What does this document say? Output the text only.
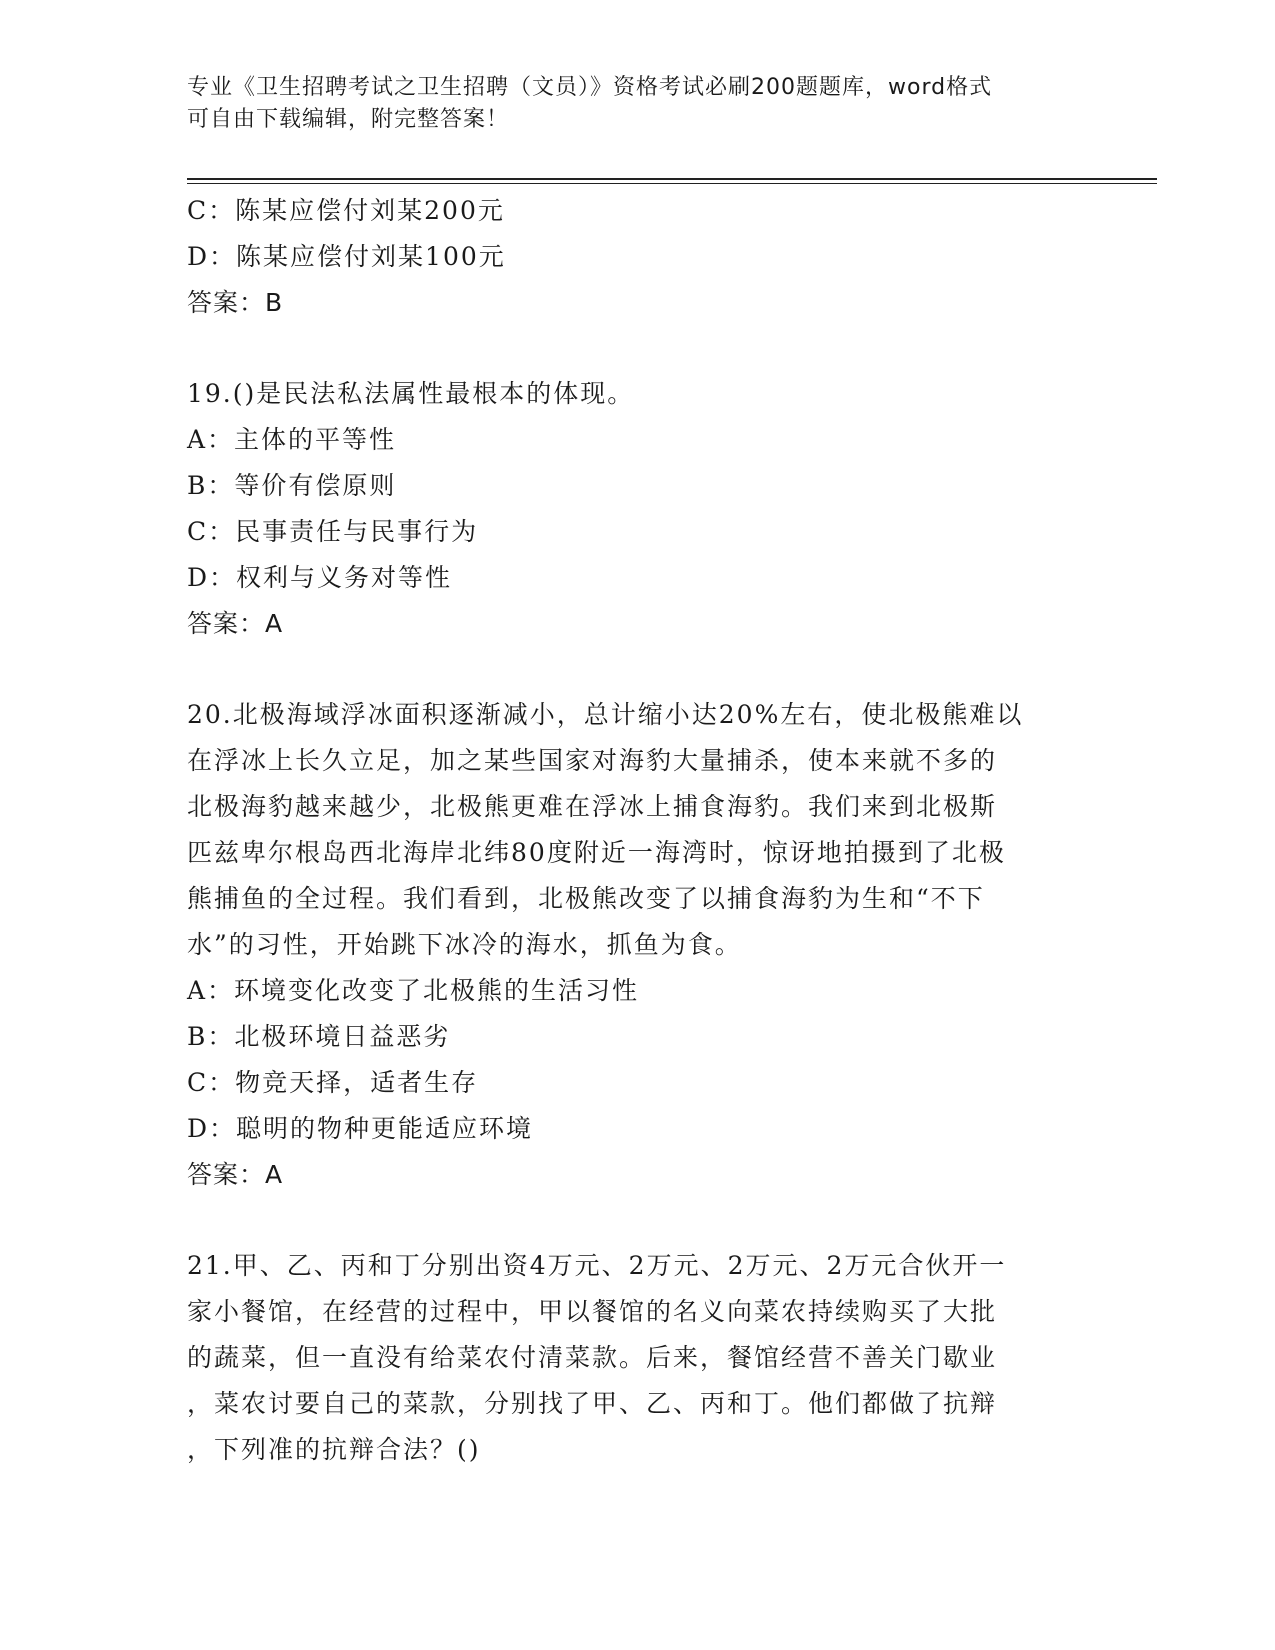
专业《卫生招聘考试之卫生招聘（文员）》资格考试必刷200题题库，word格式
可自由下载编辑，附完整答案！
C：陈某应偿付刘某200元
D：陈某应偿付刘某100元
答案：B
19.()是民法私法属性最根本的体现。
A：主体的平等性
B：等价有偿原则
C：民事责任与民事行为
D：权利与义务对等性
答案：A
20.北极海域浮冰面积逐渐减小，总计缩小达20%左右，使北极熊难以
在浮冰上长久立足，加之某些国家对海豹大量捕杀，使本来就不多的
北极海豹越来越少，北极熊更难在浮冰上捕食海豹。我们来到北极斯
匹兹卑尔根岛西北海岸北纬80度附近一海湾时，惊讶地拍摄到了北极
熊捕鱼的全过程。我们看到，北极熊改变了以捕食海豹为生和“不下
水”的习性，开始跳下冰冷的海水，抓鱼为食。
A：环境变化改变了北极熊的生活习性
B：北极环境日益恶劣
C：物竞天择，适者生存
D：聪明的物种更能适应环境
答案：A
21.甲、乙、丙和丁分别出资4万元、2万元、2万元、2万元合伙开一
家小餐馆，在经营的过程中，甲以餐馆的名义向菜农持续购买了大批
的蔬菜，但一直没有给菜农付清菜款。后来，餐馆经营不善关门歇业
，菜农讨要自己的菜款，分别找了甲、乙、丙和丁。他们都做了抗辩
，下列准的抗辩合法？()
